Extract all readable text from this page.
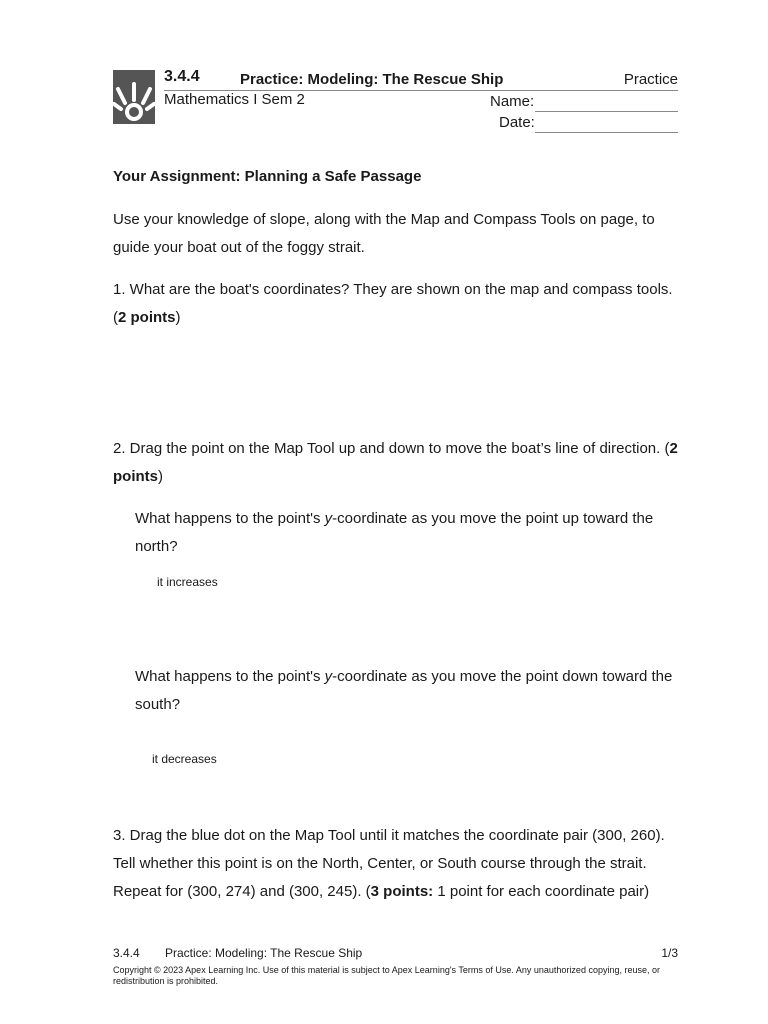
3.4.4	Practice: Modeling: The Rescue Ship	Practice
Mathematics I Sem 2	Name:
Date:
Your Assignment: Planning a Safe Passage
Use your knowledge of slope, along with the Map and Compass Tools on page, to guide your boat out of the foggy strait.
1. What are the boat's coordinates? They are shown on the map and compass tools. (2 points)
2. Drag the point on the Map Tool up and down to move the boat’s line of direction. (2 points)
What happens to the point's y-coordinate as you move the point up toward the north?
it increases
What happens to the point's y-coordinate as you move the point down toward the south?
it decreases
3. Drag the blue dot on the Map Tool until it matches the coordinate pair (300, 260). Tell whether this point is on the North, Center, or South course through the strait. Repeat for (300, 274) and (300, 245). (3 points: 1 point for each coordinate pair)
3.4.4 Practice: Modeling: The Rescue Ship	1/3
Copyright © 2023 Apex Learning Inc. Use of this material is subject to Apex Learning's Terms of Use. Any unauthorized copying, reuse, or redistribution is prohibited.
